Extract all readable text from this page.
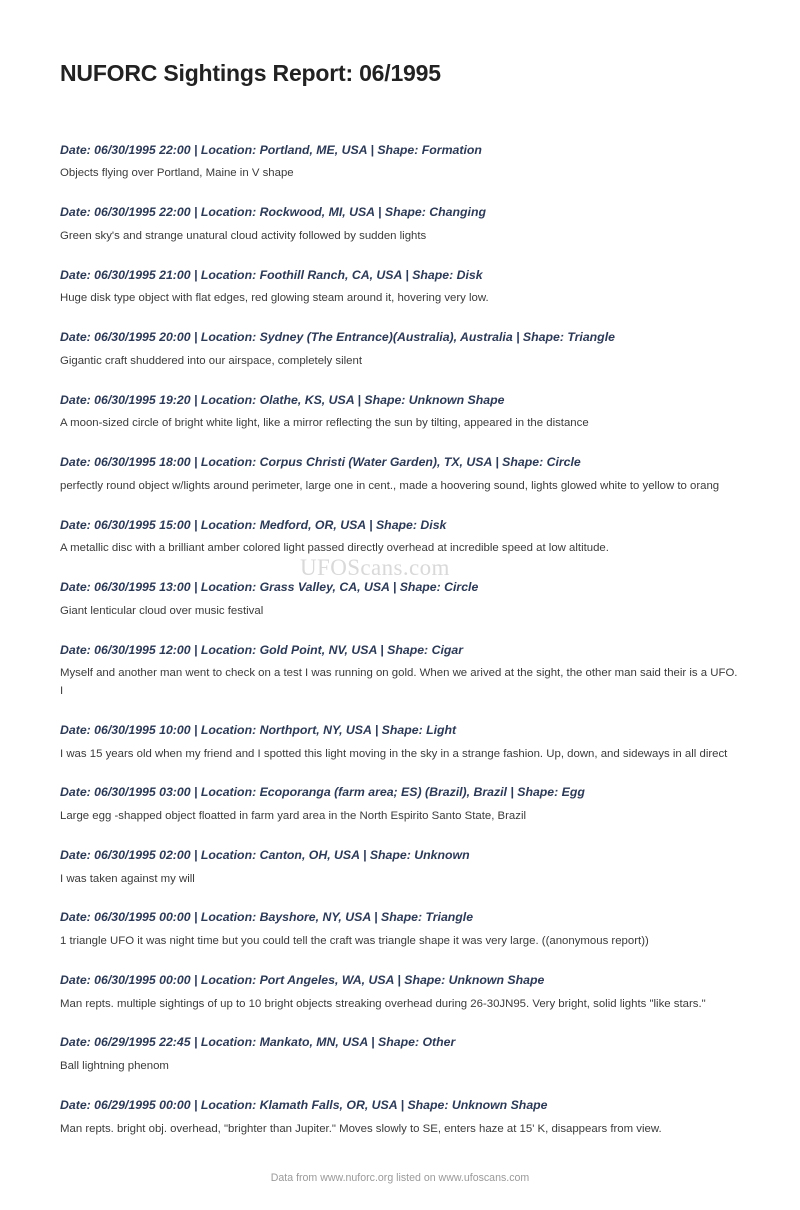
NUFORC Sightings Report: 06/1995
Date: 06/30/1995 22:00 | Location: Portland, ME, USA | Shape: Formation
Objects flying over Portland, Maine in V shape
Date: 06/30/1995 22:00 | Location: Rockwood, MI, USA | Shape: Changing
Green sky's and strange unatural cloud activity followed by sudden lights
Date: 06/30/1995 21:00 | Location: Foothill Ranch, CA, USA | Shape: Disk
Huge disk type object with flat edges, red glowing steam around it, hovering very low.
Date: 06/30/1995 20:00 | Location: Sydney (The Entrance)(Australia), Australia | Shape: Triangle
Gigantic craft shuddered into our airspace, completely silent
Date: 06/30/1995 19:20 | Location: Olathe, KS, USA | Shape: Unknown Shape
A moon-sized circle of bright white light, like a mirror reflecting the sun by tilting, appeared in the distance
Date: 06/30/1995 18:00 | Location: Corpus Christi (Water Garden), TX, USA | Shape: Circle
perfectly round object w/lights around perimeter, large one in cent., made a hoovering sound, lights glowed white to yellow to orang
Date: 06/30/1995 15:00 | Location: Medford, OR, USA | Shape: Disk
A metallic disc with a brilliant amber colored light passed directly overhead at incredible speed at low altitude.
Date: 06/30/1995 13:00 | Location: Grass Valley, CA, USA | Shape: Circle
Giant lenticular cloud over music festival
Date: 06/30/1995 12:00 | Location: Gold Point, NV, USA | Shape: Cigar
Myself and another man went to check on a test I was running on gold. When we arived at the sight, the other man said their is a UFO. I
Date: 06/30/1995 10:00 | Location: Northport, NY, USA | Shape: Light
I was 15 years old when my friend and I spotted this light moving in the sky in a strange fashion. Up, down, and sideways in all direct
Date: 06/30/1995 03:00 | Location: Ecoporanga (farm area; ES) (Brazil), Brazil | Shape: Egg
Large egg -shapped object floatted in farm yard area in the North Espirito Santo State, Brazil
Date: 06/30/1995 02:00 | Location: Canton, OH, USA | Shape: Unknown
I was taken against my will
Date: 06/30/1995 00:00 | Location: Bayshore, NY, USA | Shape: Triangle
1 triangle UFO it was night time but you could tell the craft was triangle shape it was very large. ((anonymous report))
Date: 06/30/1995 00:00 | Location: Port Angeles, WA, USA | Shape: Unknown Shape
Man repts. multiple sightings of up to 10 bright objects streaking overhead during 26-30JN95. Very bright, solid lights "like stars."
Date: 06/29/1995 22:45 | Location: Mankato, MN, USA | Shape: Other
Ball lightning phenom
Date: 06/29/1995 00:00 | Location: Klamath Falls, OR, USA | Shape: Unknown Shape
Man repts. bright obj. overhead, "brighter than Jupiter." Moves slowly to SE, enters haze at 15' K, disappears from view.
UFOScans.com
Data from www.nuforc.org listed on www.ufoscans.com
